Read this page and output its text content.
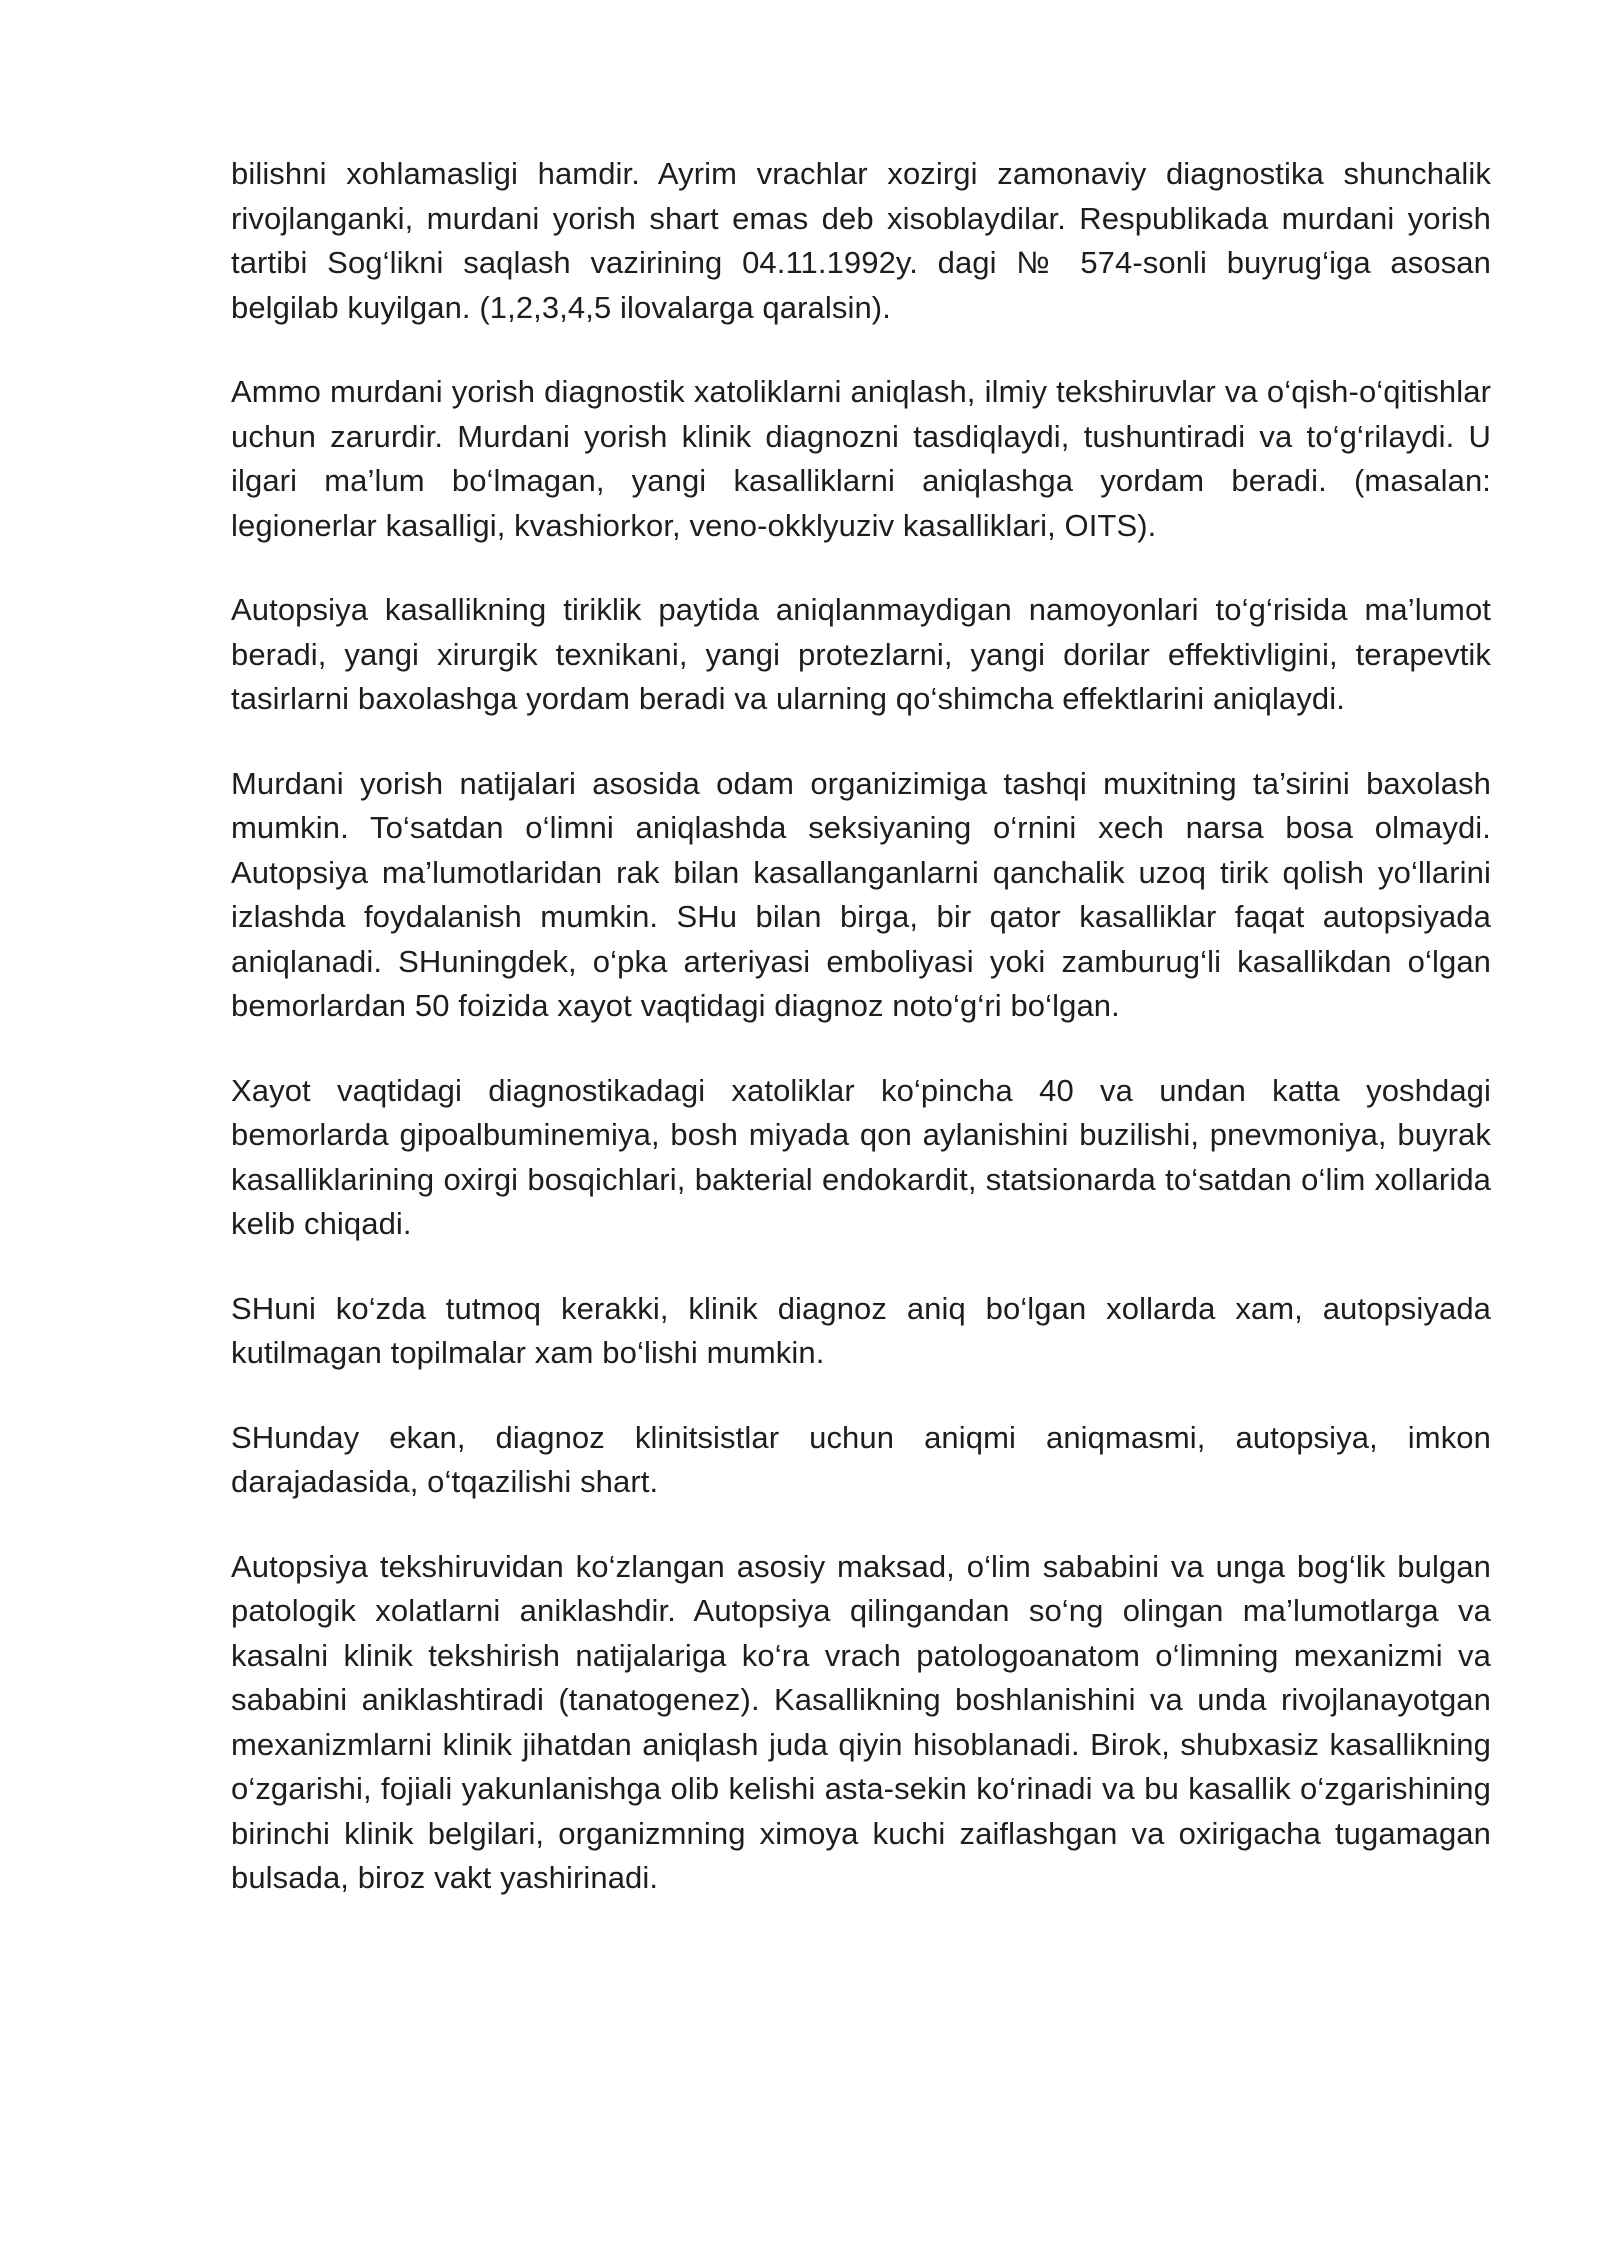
bilishni xohlamasligi hamdir. Ayrim vrachlar xozirgi zamonaviy diagnostika shunchalik rivojlanganki, murdani yorish shart emas deb xisoblaydilar. Respublikada murdani yorish tartibi Sog‘likni saqlash vazirining 04.11.1992y. dagi № 574-sonli buyrug‘iga asosan belgilab kuyilgan. (1,2,3,4,5 ilovalarga qaralsin).

Ammo murdani yorish diagnostik xatoliklarni aniqlash, ilmiy tekshiruvlar va o‘qish-o‘qitishlar uchun zarurdir. Murdani yorish klinik diagnozni tasdiqlaydi, tushuntiradi va to‘g‘rilaydi. U ilgari ma’lum bo‘lmagan, yangi kasalliklarni aniqlashga yordam beradi. (masalan: legionerlar kasalligi, kvashiorkor, veno-okklyuziv kasalliklari, OITS).

Autopsiya kasallikning tiriklik paytida aniqlanmaydigan namoyonlari to‘g‘risida ma’lumot beradi, yangi xirurgik texnikani, yangi protezlarni, yangi dorilar effektivligini, terapevtik tasirlarni baxolashga yordam beradi va ularning qo‘shimcha effektlarini aniqlaydi.

Murdani yorish natijalari asosida odam organizimiga tashqi muxitning ta’sirini baxolash mumkin. To‘satdan o‘limni aniqlashda seksiyaning o‘rnini xech narsa bosa olmaydi. Autopsiya ma’lumotlaridan rak bilan kasallanganlarni qanchalik uzoq tirik qolish yo‘llarini izlashda foydalanish mumkin. SHu bilan birga, bir qator kasalliklar faqat autopsiyada aniqlanadi. SHuningdek, o‘pka arteriyasi emboliyasi yoki zamburug‘li kasallikdan o‘lgan bemorlardan 50 foizida xayot vaqtidagi diagnoz noto‘g‘ri bo‘lgan.

Xayot vaqtidagi diagnostikadagi xatoliklar ko‘pincha 40 va undan katta yoshdagi bemorlarda gipoalbuminemiya, bosh miyada qon aylanishini buzilishi, pnevmoniya, buyrak kasalliklarining oxirgi bosqichlari, bakterial endokardit, statsionarda to‘satdan o‘lim xollarida kelib chiqadi.

SHuni ko‘zda tutmoq kerakki, klinik diagnoz aniq bo‘lgan xollarda xam, autopsiyada kutilmagan topilmalar xam bo‘lishi mumkin.

SHunday ekan, diagnoz klinitsistlar uchun aniqmi aniqmasmi, autopsiya, imkon darajadasida, o‘tqazilishi shart.

Autopsiya tekshiruvidan ko‘zlangan asosiy maksad, o‘lim sababini va unga bog‘lik bulgan patologik xolatlarni aniklashdir. Autopsiya qilingandan so‘ng olingan ma’lumotlarga va kasalni klinik tekshirish natijalariga ko‘ra vrach patologoanatom o‘limning mexanizmi va sababini aniklashtiradi (tanatogenez). Kasallikning boshlanishini va unda rivojlanayotgan mexanizmlarni klinik jihatdan aniqlash juda qiyin hisoblanadi. Birok, shubxasiz kasallikning o‘zgarishi, fojiali yakunlanishga olib kelishi asta-sekin ko‘rinadi va bu kasallik o‘zgarishining birinchi klinik belgilari, organizmning ximoya kuchi zaiflashgan va oxirigacha tugamagan bulsada, biroz vakt yashirinadi.
